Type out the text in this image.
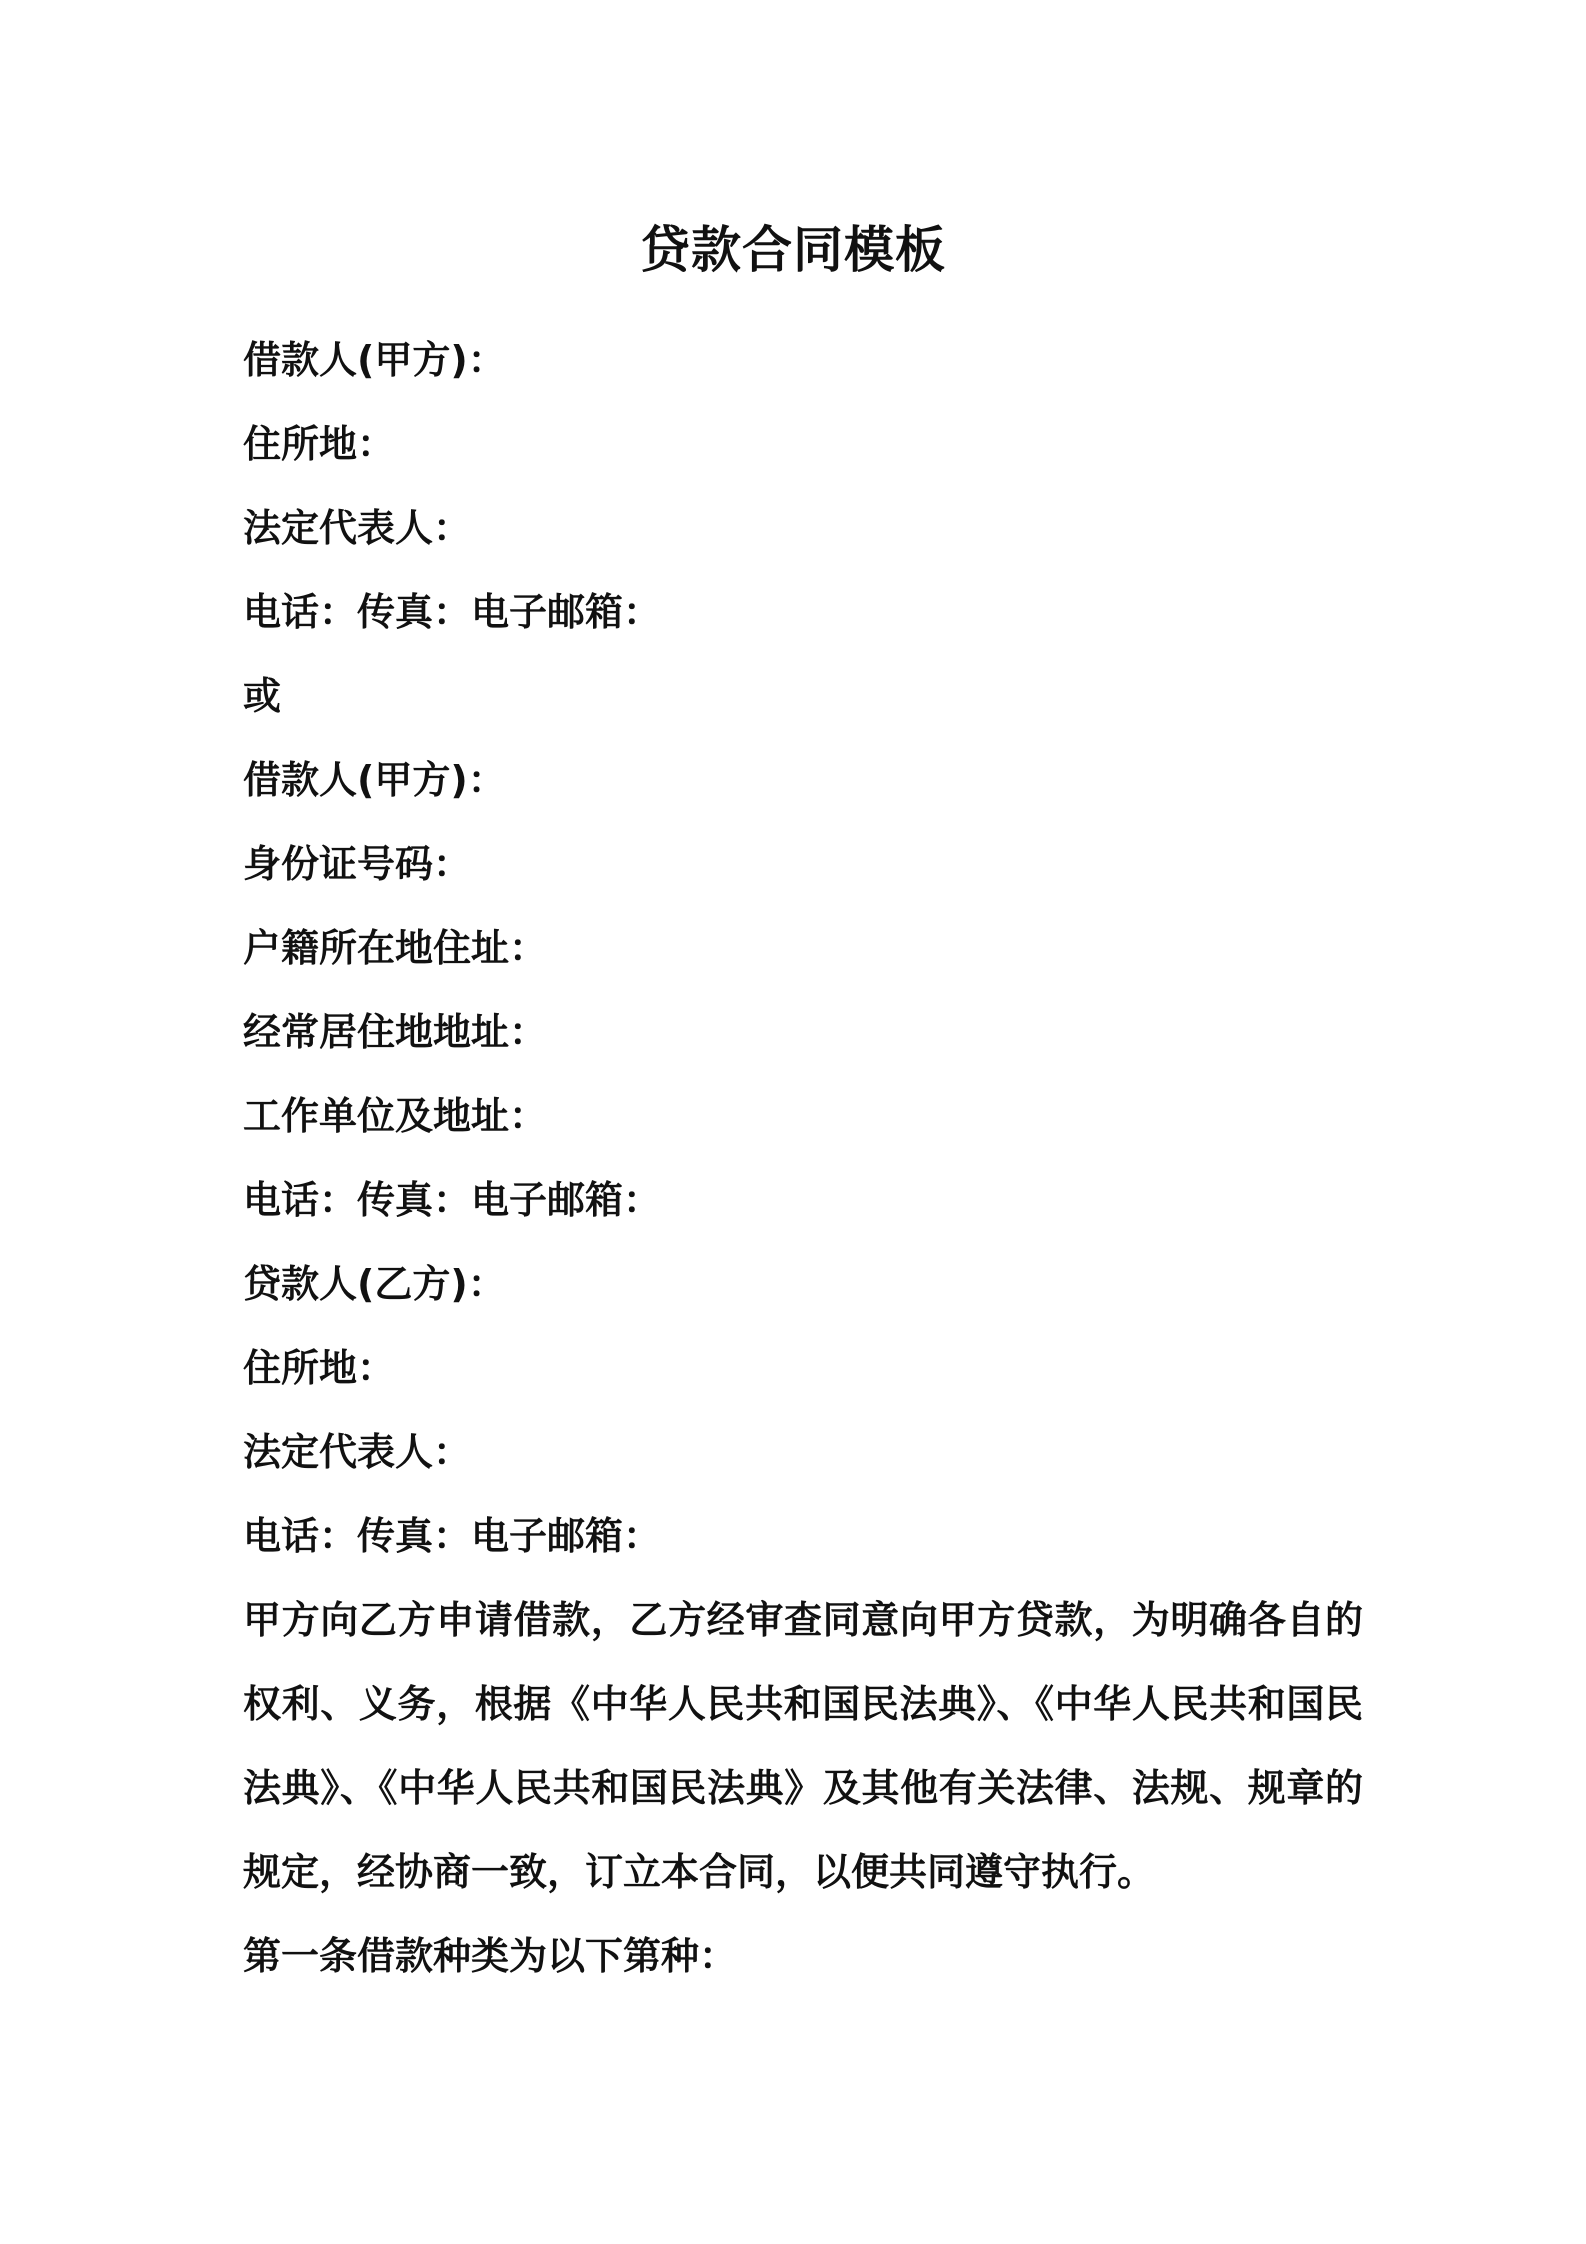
贷款合同模板

借款人(甲方)：

住所地：

法定代表人：

电话：传真：电子邮箱：

或

借款人(甲方)：

身份证号码：

户籍所在地住址：

经常居住地地址：

工作单位及地址：

电话：传真：电子邮箱：

贷款人(乙方)：

住所地：

法定代表人：

电话：传真：电子邮箱：

甲方向乙方申请借款，乙方经审查同意向甲方贷款，为明确各自的权利、义务，根据《中华人民共和国民法典》、《中华人民共和国民法典》、《中华人民共和国民法典》及其他有关法律、法规、规章的规定，经协商一致，订立本合同，以便共同遵守执行。

第一条借款种类为以下第种：
